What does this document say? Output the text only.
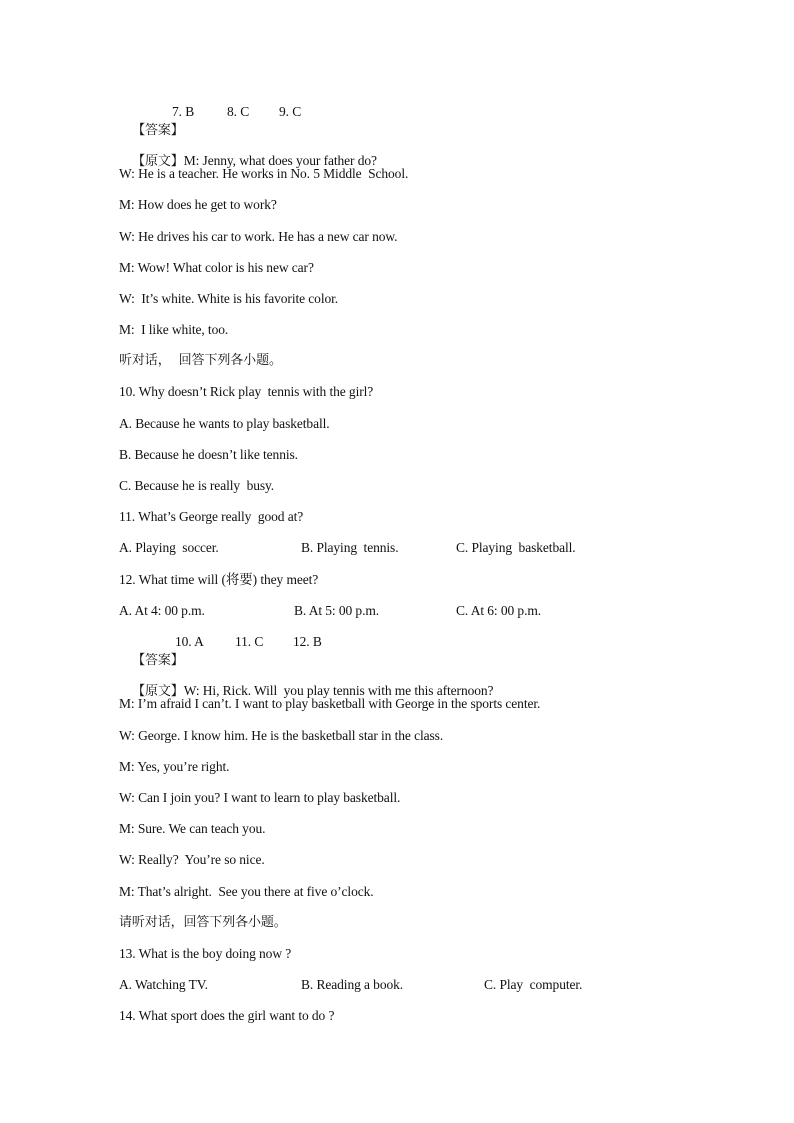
【答案】

7. B 8. C 9. C

【原文】M: Jenny, what does your father do?

W: He is a teacher. He works in No. 5 Middle  School.
M: How does he get to work?
W: He drives his car to work. He has a new car now.
M: Wow! What color is his new car?
W:  It’s white. White is his favorite color.
M:  I like white, too.
听对话，  回答下列各小题。
10. Why doesn’t Rick play  tennis with the girl?
A. Because he wants to play basketball.
B. Because he doesn’t like tennis.
C. Because he is really  busy.
11. What’s George really  good at?
A. Playing  soccer.	B. Playing  tennis.	C. Playing  basketball.
12. What time will (将要) they meet?
A. At 4: 00 p.m.	B. At 5: 00 p.m.	C. At 6: 00 p.m.

【答案】

10. A 11. C 12. B

【原文】W: Hi, Rick. Will  you play tennis with me this afternoon?

M: I’m afraid I can’t. I want to play basketball with George in the sports center.
W: George. I know him. He is the basketball star in the class.
M: Yes, you’re right.
W: Can I join you? I want to learn to play basketball.
M: Sure. We can teach you.
W: Really?  You’re so nice.
M: That’s alright.  See you there at five o’clock.
请听对话，回答下列各小题。
13. What is the boy doing now ?
A. Watching TV.	B. Reading a book.	C. Play  computer.
14. What sport does the girl want to do ?
